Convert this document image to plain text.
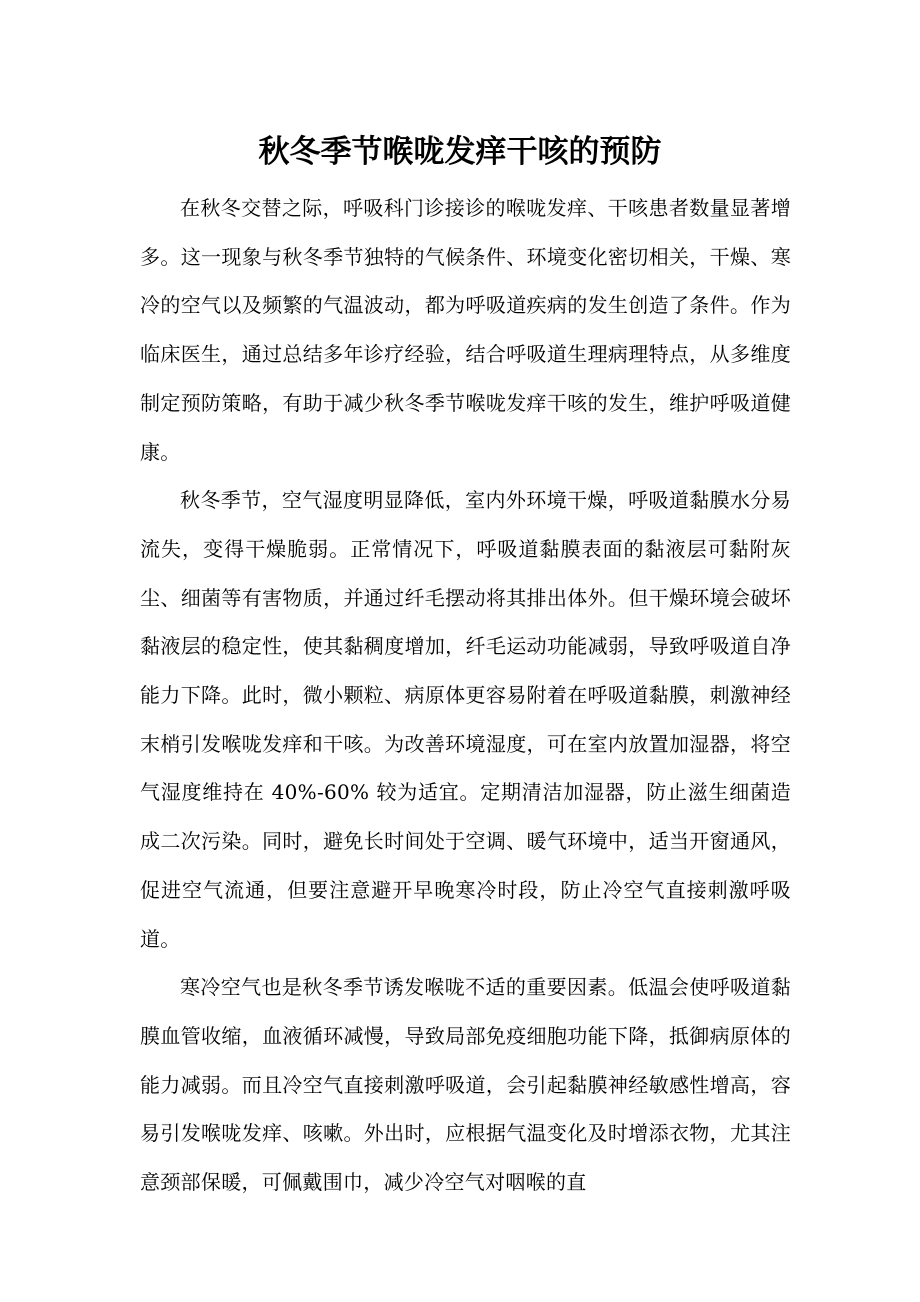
秋冬季节喉咙发痒干咳的预防

在秋冬交替之际，呼吸科门诊接诊的喉咙发痒、干咳患者数量显著增多。这一现象与秋冬季节独特的气候条件、环境变化密切相关，干燥、寒冷的空气以及频繁的气温波动，都为呼吸道疾病的发生创造了条件。作为临床医生，通过总结多年诊疗经验，结合呼吸道生理病理特点，从多维度制定预防策略，有助于减少秋冬季节喉咙发痒干咳的发生，维护呼吸道健康。

秋冬季节，空气湿度明显降低，室内外环境干燥，呼吸道黏膜水分易流失，变得干燥脆弱。正常情况下，呼吸道黏膜表面的黏液层可黏附灰尘、细菌等有害物质，并通过纤毛摆动将其排出体外。但干燥环境会破坏黏液层的稳定性，使其黏稠度增加，纤毛运动功能减弱，导致呼吸道自净能力下降。此时，微小颗粒、病原体更容易附着在呼吸道黏膜，刺激神经末梢引发喉咙发痒和干咳。为改善环境湿度，可在室内放置加湿器，将空气湿度维持在 40%-60% 较为适宜。定期清洁加湿器，防止滋生细菌造成二次污染。同时，避免长时间处于空调、暖气环境中，适当开窗通风，促进空气流通，但要注意避开早晚寒冷时段，防止冷空气直接刺激呼吸道。

寒冷空气也是秋冬季节诱发喉咙不适的重要因素。低温会使呼吸道黏膜血管收缩，血液循环减慢，导致局部免疫细胞功能下降，抵御病原体的能力减弱。而且冷空气直接刺激呼吸道，会引起黏膜神经敏感性增高，容易引发喉咙发痒、咳嗽。外出时，应根据气温变化及时增添衣物，尤其注意颈部保暖，可佩戴围巾，减少冷空气对咽喉的直
